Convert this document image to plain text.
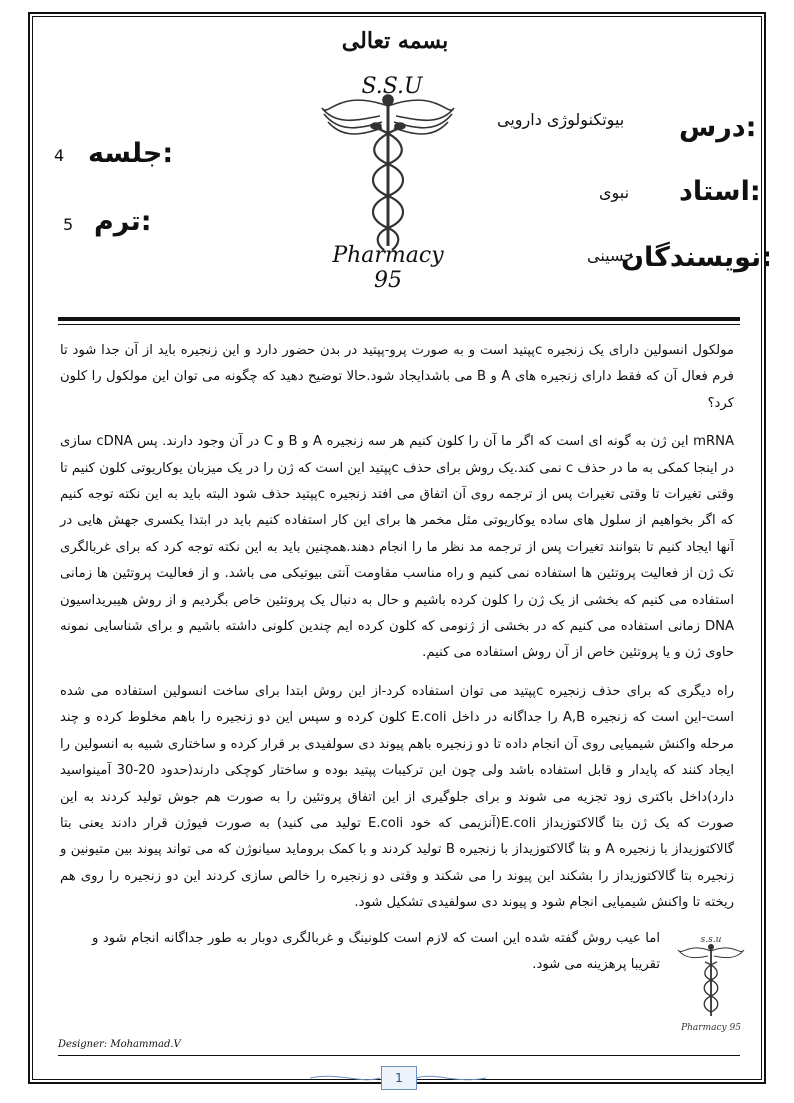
بسمه تعالی
S.S.U
Pharmacy 95
درس:
بیوتکنولوژی دارویی
استاد:
نبوی
نویسندگان:
حسینی
جلسه:
4
ترم:
5

مولکول انسولین دارای یک زنجیره cپپتید است و به صورت پرو-پپتید در بدن حضور دارد و این زنجیره باید از آن جدا شود تا فرم فعال آن که فقط دارای زنجیره های A و B می باشدایجاد شود.حالا توضیح دهید که چگونه می توان این مولکول را کلون کرد؟

mRNA این ژن به گونه ای است که اگر ما آن را کلون کنیم هر سه زنجیره A و B و C در آن وجود دارند. پس cDNA سازی در اینجا کمکی به ما در حذف c نمی کند.یک روش برای حذف cپپتید این است که ژن را در یک میزبان یوکاریوتی کلون کنیم تا وقتی تغیرات تا وقتی تغیرات پس از ترجمه روی آن اتفاق می افتد زنجیره cپپتید حذف شود البته باید به این نکته توجه کنیم که اگر بخواهیم از سلول های ساده یوکاریوتی مثل مخمر ها برای این کار استفاده کنیم باید در ابتدا یکسری جهش هایی در آنها ایجاد کنیم تا بتوانند تغیرات پس از ترجمه مد نظر ما را انجام دهند.همچنین باید به این نکته توجه کرد که برای غربالگری تک ژن از فعالیت پروتئین ها استفاده نمی کنیم و راه مناسب مقاومت آنتی بیوتیکی می باشد. و از فعالیت پروتئین ها زمانی استفاده می کنیم که بخشی از یک ژن را کلون کرده باشیم و حال به دنبال یک پروتئین خاص بگردیم و از روش هیبریداسیون DNA زمانی استفاده می کنیم که در بخشی از ژنومی که کلون کرده ایم چندین کلونی داشته باشیم و برای شناسایی نمونه حاوی ژن و یا پروتئین خاص از آن روش استفاده می کنیم.

راه دیگری که برای حذف زنجیره cپپتید می توان استفاده کرد-از این روش ابتدا برای ساخت انسولین استفاده می شده است-این است که زنجیره A,B را جداگانه در داخل E.coli کلون کرده و سپس این دو زنجیره را باهم مخلوط کرده و چند مرحله واکنش شیمیایی روی آن انجام داده تا دو زنجیره باهم پیوند دی سولفیدی بر قرار کرده و ساختاری شبیه به انسولین را ایجاد کنند که پایدار و قابل استفاده باشد ولی چون این ترکیبات پپتید بوده و ساختار کوچکی دارند(حدود 20-30 آمینواسید دارد)داخل باکتری زود تجزیه می شوند و برای جلوگیری از این اتفاق پروتئین را به صورت هم جوش تولید کردند به این صورت که یک ژن بتا گالاکتوزیداز E.coli(آنزیمی که خود E.coli تولید می کنید) به صورت فیوژن قرار دادند یعنی بتا گالاکتوزیداز با زنجیره A و بتا گالاکتوزیداز با زنجیره B تولید کردند و با کمک بروماید سیانوژن که می تواند پیوند بین متیونین و زنجیره بتا گالاکتوزیداز را بشکند این پیوند را می شکند و وقتی دو زنجیره را خالص سازی کردند این دو زنجیره را روی هم ریخته تا واکنش شیمیایی انجام شود و پیوند دی سولفیدی تشکیل شود.

اما عیب روش گفته شده این است که لازم است کلونینگ و غربالگری دوبار به طور جداگانه انجام شود و تقریبا پرهزینه می شود.
s.s.u
Pharmacy 95
Designer: Mohammad.V
1
